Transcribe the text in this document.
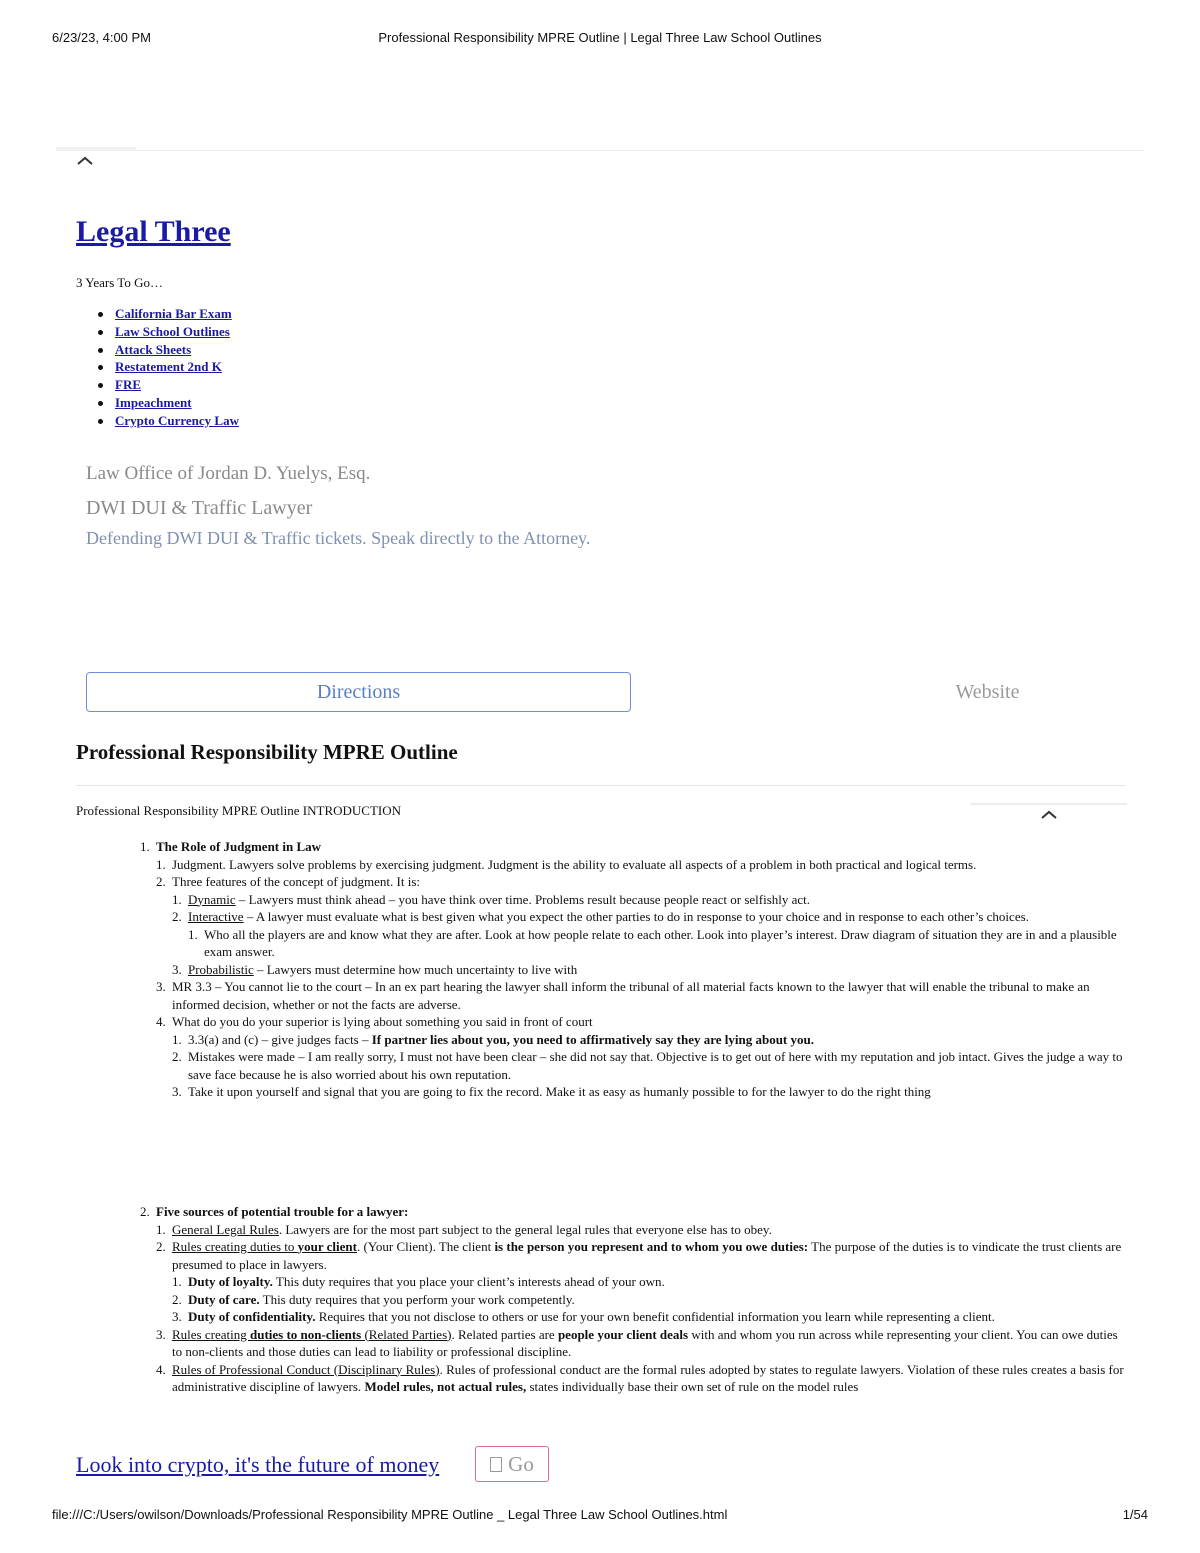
6/23/23, 4:00 PM	Professional Responsibility MPRE Outline | Legal Three Law School Outlines
Legal Three
3 Years To Go…
California Bar Exam
Law School Outlines
Attack Sheets
Restatement 2nd K
FRE
Impeachment
Crypto Currency Law
Law Office of Jordan D. Yuelys, Esq.
DWI DUI & Traffic Lawyer
Defending DWI DUI & Traffic tickets. Speak directly to the Attorney.
Directions	Website
Professional Responsibility MPRE Outline
Professional Responsibility MPRE Outline INTRODUCTION
1. The Role of Judgment in Law
1. Judgment. Lawyers solve problems by exercising judgment. Judgment is the ability to evaluate all aspects of a problem in both practical and logical terms.
2. Three features of the concept of judgment. It is:
1. Dynamic – Lawyers must think ahead – you have think over time. Problems result because people react or selfishly act.
2. Interactive – A lawyer must evaluate what is best given what you expect the other parties to do in response to your choice and in response to each other’s choices.
1. Who all the players are and know what they are after. Look at how people relate to each other. Look into player’s interest. Draw diagram of situation they are in and a plausible exam answer.
3. Probabilistic – Lawyers must determine how much uncertainty to live with
3. MR 3.3 – You cannot lie to the court – In an ex part hearing the lawyer shall inform the tribunal of all material facts known to the lawyer that will enable the tribunal to make an informed decision, whether or not the facts are adverse.
4. What do you do your superior is lying about something you said in front of court
1. 3.3(a) and (c) – give judges facts – If partner lies about you, you need to affirmatively say they are lying about you.
2. Mistakes were made – I am really sorry, I must not have been clear – she did not say that. Objective is to get out of here with my reputation and job intact. Gives the judge a way to save face because he is also worried about his own reputation.
3. Take it upon yourself and signal that you are going to fix the record. Make it as easy as humanly possible to for the lawyer to do the right thing
2. Five sources of potential trouble for a lawyer:
1. General Legal Rules. Lawyers are for the most part subject to the general legal rules that everyone else has to obey.
2. Rules creating duties to your client. (Your Client). The client is the person you represent and to whom you owe duties: The purpose of the duties is to vindicate the trust clients are presumed to place in lawyers.
1. Duty of loyalty. This duty requires that you place your client’s interests ahead of your own.
2. Duty of care. This duty requires that you perform your work competently.
3. Duty of confidentiality. Requires that you not disclose to others or use for your own benefit confidential information you learn while representing a client.
3. Rules creating duties to non-clients (Related Parties). Related parties are people your client deals with and whom you run across while representing your client. You can owe duties to non-clients and those duties can lead to liability or professional discipline.
4. Rules of Professional Conduct (Disciplinary Rules). Rules of professional conduct are the formal rules adopted by states to regulate lawyers. Violation of these rules creates a basis for administrative discipline of lawyers. Model rules, not actual rules, states individually base their own set of rule on the model rules
Look into crypto, it's the future of money	Go
file:///C:/Users/owilson/Downloads/Professional Responsibility MPRE Outline _ Legal Three Law School Outlines.html	1/54
